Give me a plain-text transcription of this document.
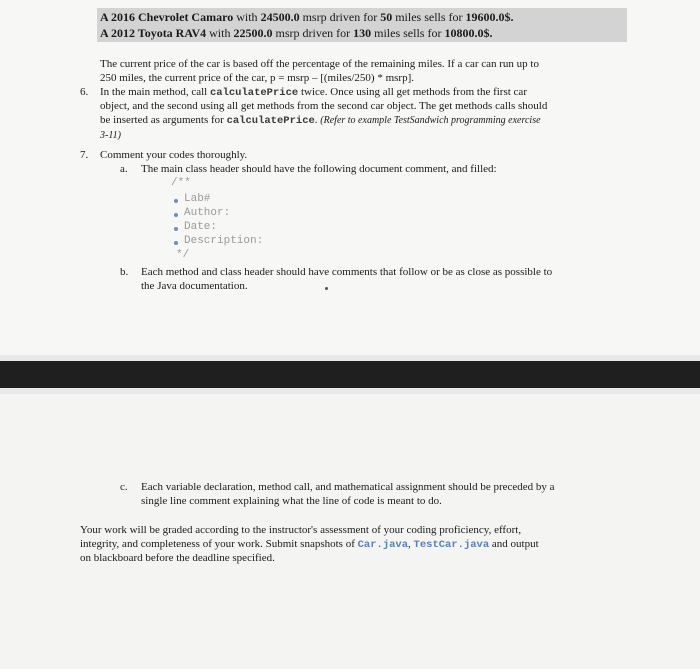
A 2016 Chevrolet Camaro with 24500.0 msrp driven for 50 miles sells for 19600.0$.
A 2012 Toyota RAV4 with 22500.0 msrp driven for 130 miles sells for 10800.0$.
The current price of the car is based off the percentage of the remaining miles. If a car can run up to
250 miles, the current price of the car, p = msrp – [(miles/250) * msrp].
6. In the main method, call calculatePrice twice. Once using all get methods from the first car
object, and the second using all get methods from the second car object. The get methods calls should
be inserted as arguments for calculatePrice. (Refer to example TestSandwich programming exercise
3-11)
7. Comment your codes thoroughly.
a. The main class header should have the following document comment, and filled:
/**
Lab#
Author:
Date:
Description:
*/
b. Each method and class header should have comments that follow or be as close as possible to
the Java documentation.
c. Each variable declaration, method call, and mathematical assignment should be preceded by a
single line comment explaining what the line of code is meant to do.
Your work will be graded according to the instructor's assessment of your coding proficiency, effort,
integrity, and completeness of your work. Submit snapshots of Car.java, TestCar.java and output
on blackboard before the deadline specified.
